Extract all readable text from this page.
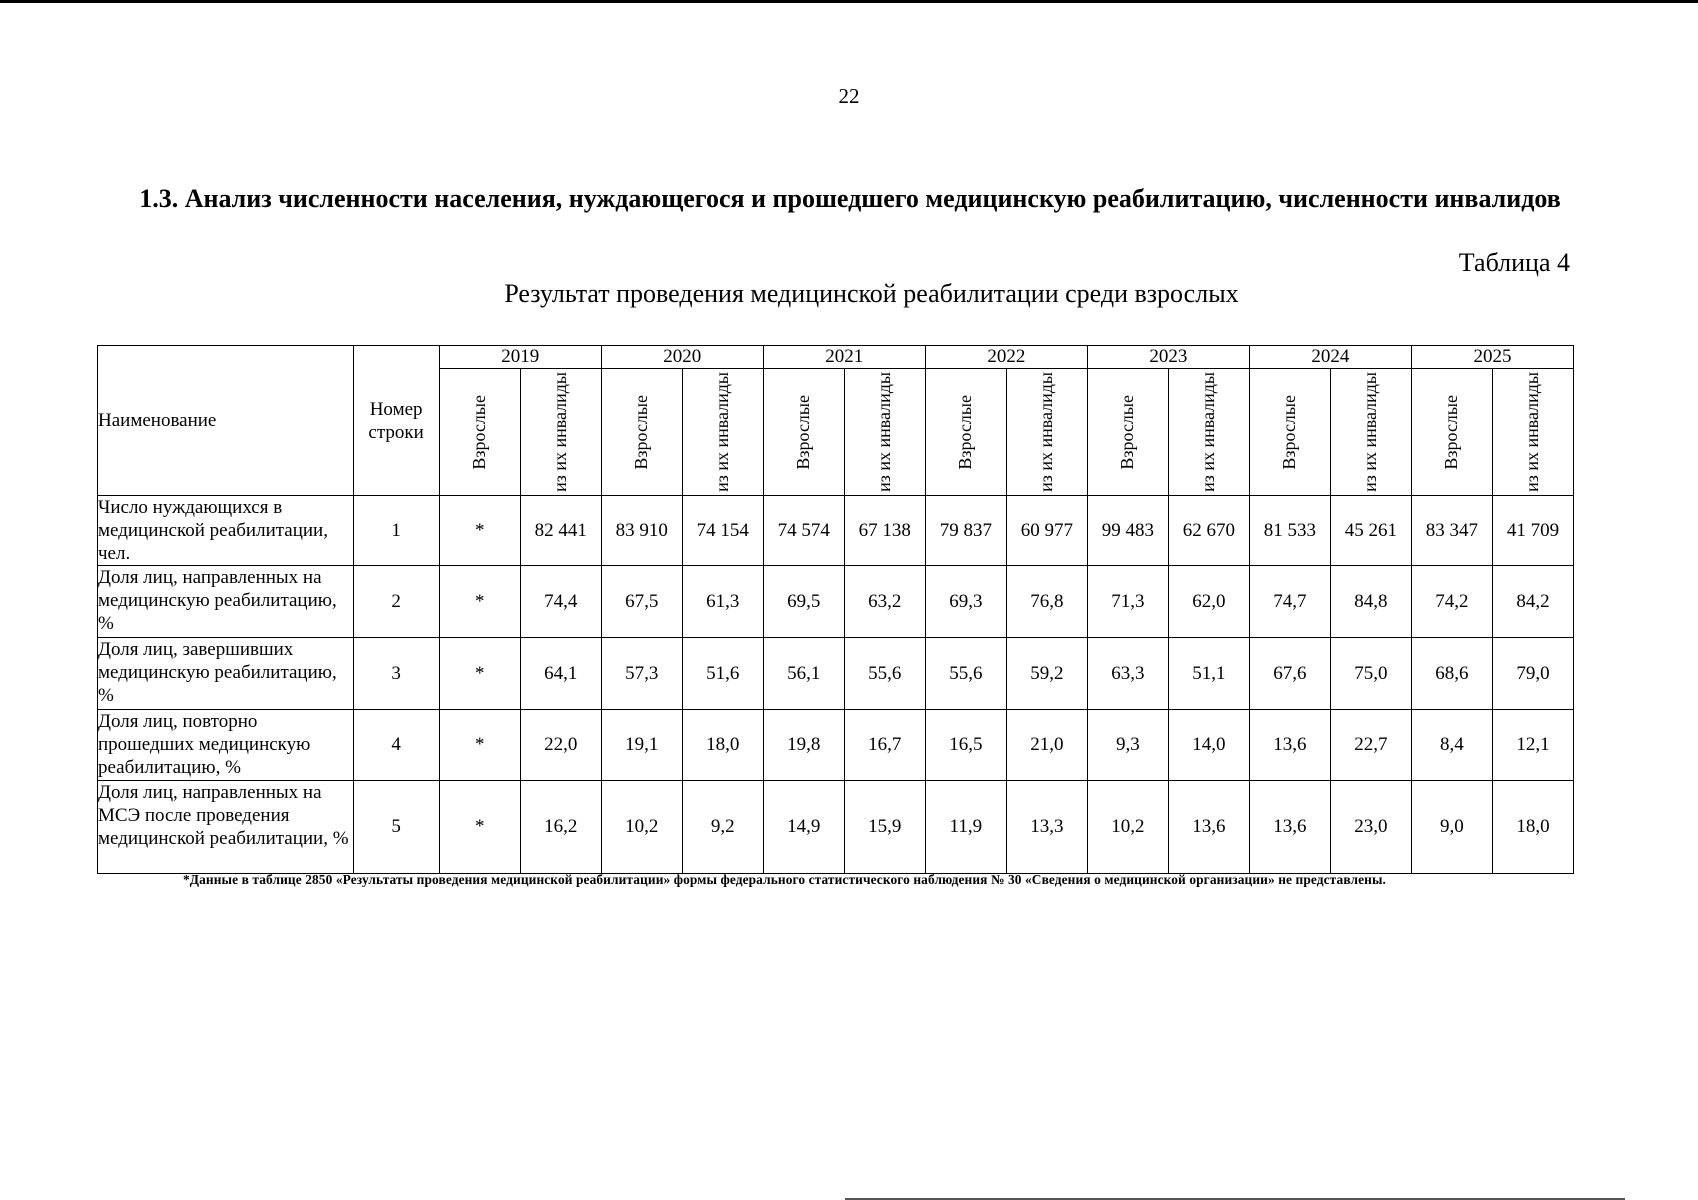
22
1.3. Анализ численности населения, нуждающегося и прошедшего медицинскую реабилитацию, численности инвалидов
Таблица 4
Результат проведения медицинской реабилитации среди взрослых
Наименование	Номер строки	2019		2020		2021		2022		2023		2024		2025	

		Взрослые	из их инвалиды	Взрослые	из их инвалиды	Взрослые	из их инвалиды	Взрослые	из их инвалиды	Взрослые	из их инвалиды	Взрослые	из их инвалиды	Взрослые	из их инвалиды

Число нуждающихся в медицинской реабилитации, чел.	1	*	82 441	83 910	74 154	74 574	67 138	79 837	60 977	99 483	62 670	81 533	45 261	83 347	41 709
Доля лиц, направленных на медицинскую реабилитацию, %	2	*	74,4	67,5	61,3	69,5	63,2	69,3	76,8	71,3	62,0	74,7	84,8	74,2	84,2
Доля лиц, завершивших медицинскую реабилитацию, %	3	*	64,1	57,3	51,6	56,1	55,6	55,6	59,2	63,3	51,1	67,6	75,0	68,6	79,0
Доля лиц, повторно прошедших медицинскую реабилитацию, %	4	*	22,0	19,1	18,0	19,8	16,7	16,5	21,0	9,3	14,0	13,6	22,7	8,4	12,1
Доля лиц, направленных на МСЭ после проведения медицинской реабилитации, %	5	*	16,2	10,2	9,2	14,9	15,9	11,9	13,3	10,2	13,6	13,6	23,0	9,0	18,0
*Данные в таблице 2850 «Результаты проведения медицинской реабилитации» формы федерального статистического наблюдения № 30 «Сведения о медицинской организации» не представлены.
